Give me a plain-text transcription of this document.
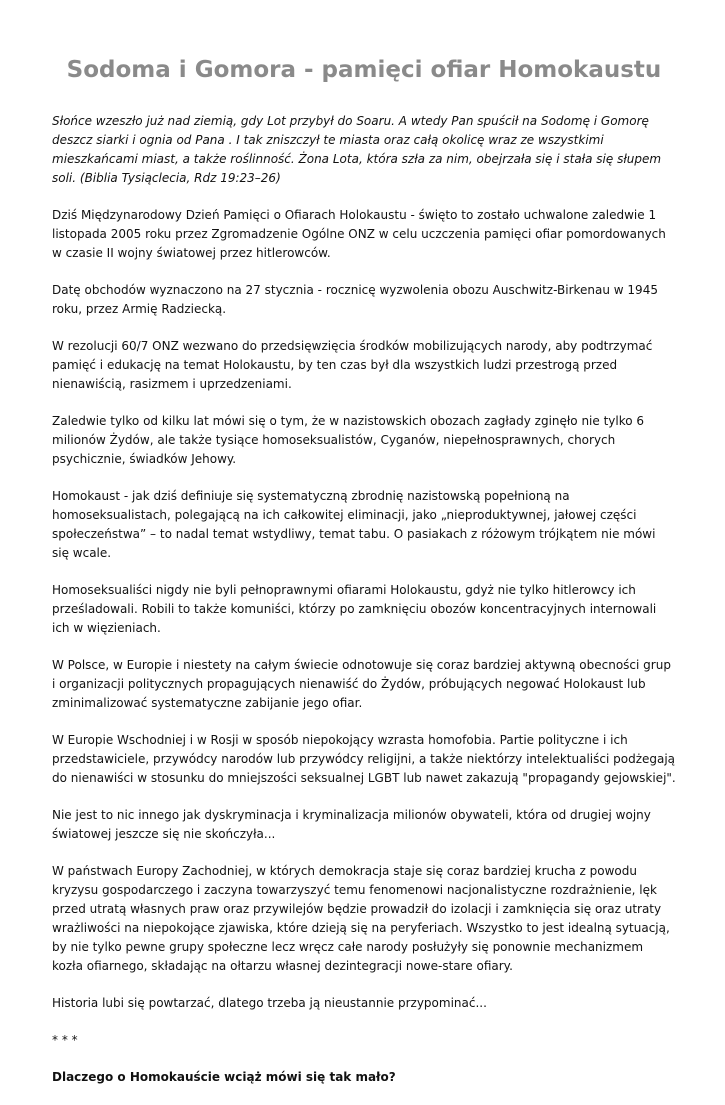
Sodoma i Gomora - pamięci ofiar Homokaustu

Słońce wzeszło już nad ziemią, gdy Lot przybył do Soaru. A wtedy Pan spuścił na Sodomę i Gomorę deszcz siarki i ognia od Pana . I tak zniszczył te miasta oraz całą okolicę wraz ze wszystkimi mieszkańcami miast, a także roślinność. Żona Lota, która szła za nim, obejrzała się i stała się słupem soli. (Biblia Tysiąclecia, Rdz 19:23–26)

Dziś Międzynarodowy Dzień Pamięci o Ofiarach Holokaustu - święto to zostało uchwalone zaledwie 1 listopada 2005 roku przez Zgromadzenie Ogólne ONZ w celu uczczenia pamięci ofiar pomordowanych w czasie II wojny światowej przez hitlerowców.

Datę obchodów wyznaczono na 27 stycznia - rocznicę wyzwolenia obozu Auschwitz-Birkenau w 1945 roku, przez Armię Radziecką.

W rezolucji 60/7 ONZ wezwano do przedsięwzięcia środków mobilizujących narody, aby podtrzymać pamięć i edukację na temat Holokaustu, by ten czas był dla wszystkich ludzi przestrogą przed nienawiścią, rasizmem i uprzedzeniami.

Zaledwie tylko od kilku lat mówi się o tym, że w nazistowskich obozach zagłady zginęło nie tylko 6 milionów Żydów, ale także tysiące homoseksualistów, Cyganów, niepełnosprawnych, chorych psychicznie, świadków Jehowy.

Homokaust - jak dziś definiuje się systematyczną zbrodnię nazistowską popełnioną na homoseksualistach, polegającą na ich całkowitej eliminacji, jako „nieproduktywnej, jałowej części społeczeństwa” – to nadal temat wstydliwy, temat tabu. O pasiakach z różowym trójkątem nie mówi się wcale.

Homoseksualiści nigdy nie byli pełnoprawnymi ofiarami Holokaustu, gdyż nie tylko hitlerowcy ich prześladowali. Robili to także komuniści, którzy po zamknięciu obozów koncentracyjnych internowali ich w więzieniach.

W Polsce, w Europie i niestety na całym świecie odnotowuje się coraz bardziej aktywną obecności grup i organizacji politycznych propagujących nienawiść do Żydów, próbujących negować Holokaust lub zminimalizować systematyczne zabijanie jego ofiar.

W Europie Wschodniej i w Rosji w sposób niepokojący wzrasta homofobia. Partie polityczne i ich przedstawiciele, przywódcy narodów lub przywódcy religijni, a także niektórzy intelektualiści podżegają do nienawiści w stosunku do mniejszości seksualnej LGBT lub nawet zakazują "propagandy gejowskiej".

Nie jest to nic innego jak dyskryminacja i kryminalizacja milionów obywateli, która od drugiej wojny światowej jeszcze się nie skończyła...

W państwach Europy Zachodniej, w których demokracja staje się coraz bardziej krucha z powodu kryzysu gospodarczego i zaczyna towarzyszyć temu fenomenowi nacjonalistyczne rozdrażnienie, lęk przed utratą własnych praw oraz przywilejów będzie prowadził do izolacji i zamknięcia się oraz utraty wrażliwości na niepokojące zjawiska, które dzieją się na peryferiach. Wszystko to jest idealną sytuacją, by nie tylko pewne grupy społeczne lecz wręcz całe narody posłużyły się ponownie mechanizmem kozła ofiarnego, składając na ołtarzu własnej dezintegracji nowe-stare ofiary.

Historia lubi się powtarzać, dlatego trzeba ją nieustannie przypominać...

* * *

Dlaczego o Homokauście wciąż mówi się tak mało?
